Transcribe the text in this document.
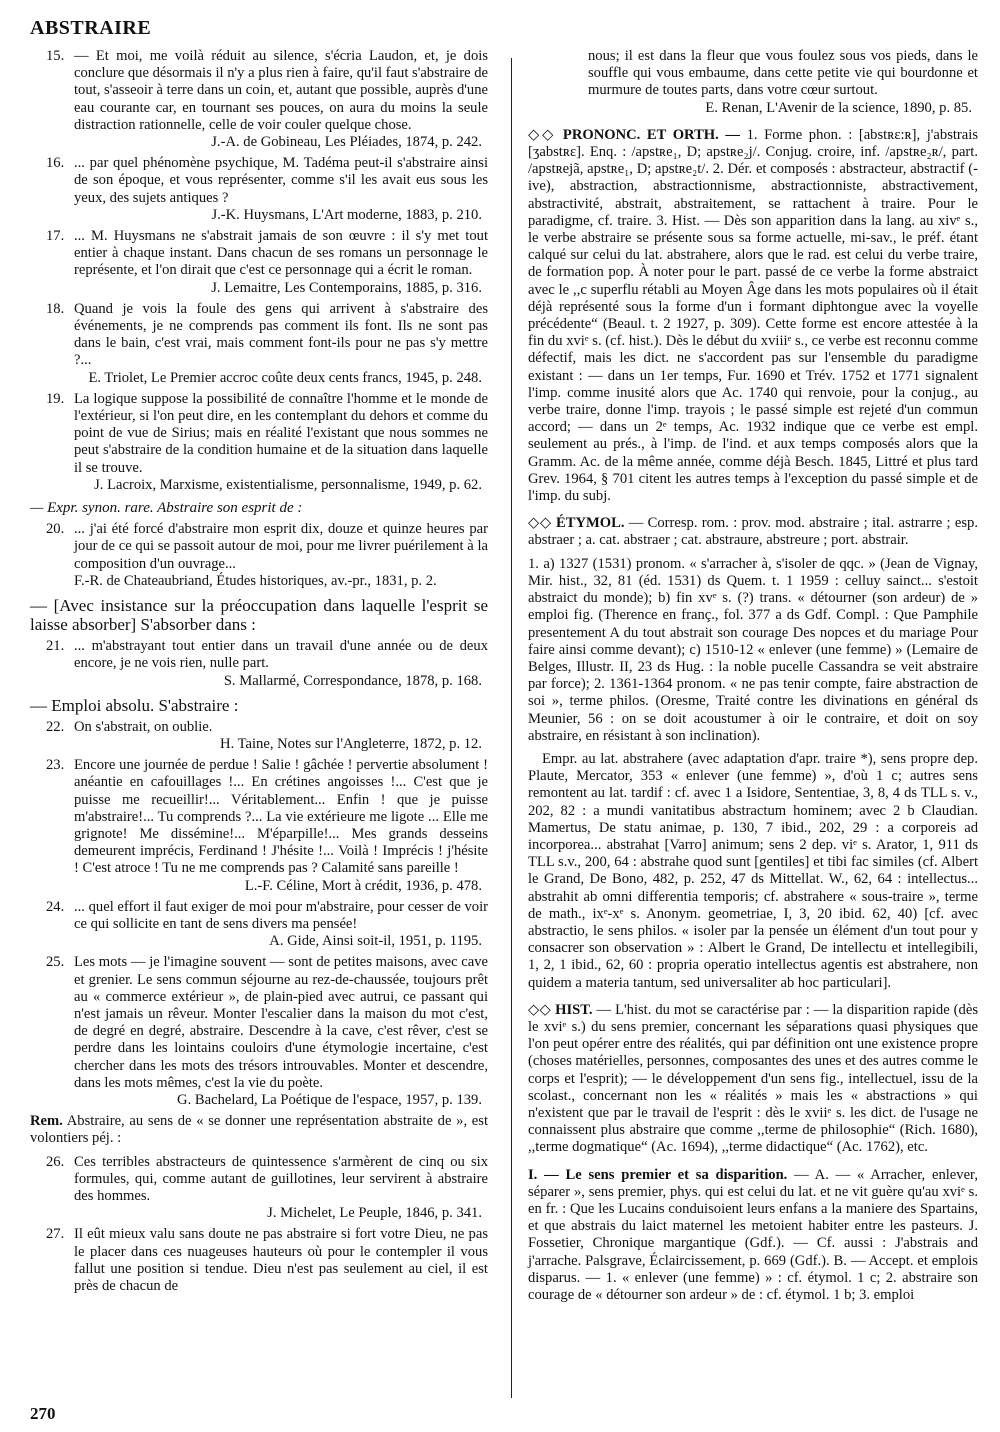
ABSTRAIRE
15. — Et moi, me voilà réduit au silence, s'écria Laudon, et, je dois conclure que désormais il n'y a plus rien à faire, qu'il faut s'abstraire de tout, s'asseoir à terre dans un coin, et, autant que possible, auprès d'une eau courante car, en tournant ses pouces, on aura du moins la seule distraction rationnelle, celle de voir couler quelque chose.
J.-A. de Gobineau, Les Pléiades, 1874, p. 242.
16. ... par quel phénomène psychique, M. Tadéma peut-il s'abstraire ainsi de son époque, et vous représenter, comme s'il les avait eus sous les yeux, des sujets antiques ?
J.-K. Huysmans, L'Art moderne, 1883, p. 210.
17. ... M. Huysmans ne s'abstrait jamais de son œuvre : il s'y met tout entier à chaque instant. Dans chacun de ses romans un personnage le représente, et l'on dirait que c'est ce personnage qui a écrit le roman.
J. Lemaitre, Les Contemporains, 1885, p. 316.
18. Quand je vois la foule des gens qui arrivent à s'abstraire des événements, je ne comprends pas comment ils font. Ils ne sont pas dans le bain, c'est vrai, mais comment font-ils pour ne pas s'y mettre ?...
E. Triolet, Le Premier accroc coûte deux cents francs, 1945, p. 248.
19. La logique suppose la possibilité de connaître l'homme et le monde de l'extérieur, si l'on peut dire, en les contemplant du dehors et comme du point de vue de Sirius; mais en réalité l'existant que nous sommes ne peut s'abstraire de la condition humaine et de la situation dans laquelle il se trouve.
J. Lacroix, Marxisme, existentialisme, personnalisme, 1949, p. 62.
— Expr. synon. rare. Abstraire son esprit de :
20. ... j'ai été forcé d'abstraire mon esprit dix, douze et quinze heures par jour de ce qui se passoit autour de moi, pour me livrer puérilement à la composition d'un ouvrage...
F.-R. de Chateaubriand, Études historiques, av.-pr., 1831, p. 2.
— [Avec insistance sur la préoccupation dans laquelle l'esprit se laisse absorber] S'absorber dans :
21. ... m'abstrayant tout entier dans un travail d'une année ou de deux encore, je ne vois rien, nulle part.
S. Mallarmé, Correspondance, 1878, p. 168.
— Emploi absolu. S'abstraire :
22. On s'abstrait, on oublie.
H. Taine, Notes sur l'Angleterre, 1872, p. 12.
23. Encore une journée de perdue ! Salie ! gâchée ! pervertie absolument ! anéantie en cafouillages !... En crétines angoisses !... C'est que je puisse me recueillir!... Véritablement... Enfin ! que je puisse m'abstraire!... Tu comprends ?... La vie extérieure me ligote ... Elle me grignote! Me dissémine!... M'éparpille!... Mes grands desseins demeurent imprécis, Ferdinand ! J'hésite !... Voilà ! Imprécis ! j'hésite ! C'est atroce ! Tu ne me comprends pas ? Calamité sans pareille !
L.-F. Céline, Mort à crédit, 1936, p. 478.
24. ... quel effort il faut exiger de moi pour m'abstraire, pour cesser de voir ce qui sollicite en tant de sens divers ma pensée!
A. Gide, Ainsi soit-il, 1951, p. 1195.
25. Les mots — je l'imagine souvent — sont de petites maisons, avec cave et grenier. Le sens commun séjourne au rez-de-chaussée, toujours prêt au « commerce extérieur », de plain-pied avec autrui, ce passant qui n'est jamais un rêveur. Monter l'escalier dans la maison du mot c'est, de degré en degré, abstraire. Descendre à la cave, c'est rêver, c'est se perdre dans les lointains couloirs d'une étymologie incertaine, c'est chercher dans les mots des trésors introuvables. Monter et descendre, dans les mots mêmes, c'est la vie du poète.
G. Bachelard, La Poétique de l'espace, 1957, p. 139.
Rem. Abstraire, au sens de « se donner une représentation abstraite de », est volontiers péj. :
26. Ces terribles abstracteurs de quintessence s'armèrent de cinq ou six formules, qui, comme autant de guillotines, leur servirent à abstraire des hommes.
J. Michelet, Le Peuple, 1846, p. 341.
27. Il eût mieux valu sans doute ne pas abstraire si fort votre Dieu, ne pas le placer dans ces nuageuses hauteurs où pour le contempler il vous fallut une position si tendue. Dieu n'est pas seulement au ciel, il est près de chacun de
nous; il est dans la fleur que vous foulez sous vos pieds, dans le souffle qui vous embaume, dans cette petite vie qui bourdonne et murmure de toutes parts, dans votre cœur surtout.
E. Renan, L'Avenir de la science, 1890, p. 85.
◇◇ PRONONC. ET ORTH. — 1. Forme phon. : [abstʀɛ:ʀ], j'abstrais [ʒabstʀɛ]. Enq. : /apstʀe₁, D; apstʀe₂j/. Conjug. croire, inf. /apstʀe₂ʀ/, part. /apstʀejã, apstʀe₁, D; apstʀe₂t/. 2. Dér. et composés : abstracteur, abstractif (-ive), abstraction, abstractionnisme, abstractionniste, abstractivement, abstractivité, abstrait, abstraitement, se rattachent à traire. Pour le paradigme, cf. traire. 3. Hist. — Dès son apparition dans la lang. au xivᵉ s., le verbe abstraire se présente sous sa forme actuelle, mi-sav., le préf. étant calqué sur celui du lat. abstrahere, alors que le rad. est celui du verbe traire, de formation pop. À noter pour le part. passé de ce verbe la forme abstraict avec le ,,c superflu rétabli au Moyen Âge dans les mots populaires où il était déjà représenté sous la forme d'un i formant diphtongue avec la voyelle précédente“ (Beaul. t. 2 1927, p. 309). Cette forme est encore attestée à la fin du xviᵉ s. (cf. hist.). Dès le début du xviiiᵉ s., ce verbe est reconnu comme défectif, mais les dict. ne s'accordent pas sur l'ensemble du paradigme existant : — dans un 1er temps, Fur. 1690 et Trév. 1752 et 1771 signalent l'imp. comme inusité alors que Ac. 1740 qui renvoie, pour la conjug., au verbe traire, donne l'imp. trayois ; le passé simple est rejeté d'un commun accord; — dans un 2ᵉ temps, Ac. 1932 indique que ce verbe est empl. seulement au prés., à l'imp. de l'ind. et aux temps composés alors que la Gramm. Ac. de la même année, comme déjà Besch. 1845, Littré et plus tard Grev. 1964, § 701 citent les autres temps à l'exception du passé simple et de l'imp. du subj.
◇◇ ÉTYMOL. — Corresp. rom. : prov. mod. abstraire ; ital. astrarre ; esp. abstraer ; a. cat. abstraer ; cat. abstraure, abstreure ; port. abstrair.
1. a) 1327 (1531) pronom. « s'arracher à, s'isoler de qqc. » (Jean de Vignay, Mir. hist., 32, 81 (éd. 1531) ds Quem. t. 1 1959 : celluy sainct... s'estoit abstraict du monde); b) fin xvᵉ s. (?) trans. « détourner (son ardeur) de » emploi fig. (Therence en franç., fol. 377 a ds Gdf. Compl. : Que Pamphile presentement A du tout abstrait son courage Des nopces et du mariage Pour faire ainsi comme devant); c) 1510-12 « enlever (une femme) » (Lemaire de Belges, Illustr. II, 23 ds Hug. : la noble pucelle Cassandra se veit abstraire par force); 2. 1361-1364 pronom. « ne pas tenir compte, faire abstraction de soi », terme philos. (Oresme, Traité contre les divinations en général ds Meunier, 56 : on se doit acoustumer à oir le contraire, et doit on soy abstraire, en résistant à son inclination).
Empr. au lat. abstrahere (avec adaptation d'apr. traire *), sens propre dep. Plaute, Mercator, 353 « enlever (une femme) », d'où 1 c; autres sens remontent au lat. tardif : cf. avec 1 a Isidore, Sententiae, 3, 8, 4 ds TLL s. v., 202, 82 : a mundi vanitatibus abstractum hominem; avec 2 b Claudian. Mamertus, De statu animae, p. 130, 7 ibid., 202, 29 : a corporeis ad incorporea... abstrahat [Varro] animum; sens 2 dep. viᵉ s. Arator, 1, 911 ds TLL s.v., 200, 64 : abstrahe quod sunt [gentiles] et tibi fac similes (cf. Albert le Grand, De Bono, 482, p. 252, 47 ds Mittellat. W., 62, 64 : intellectus... abstrahit ab omni differentia temporis; cf. abstrahere « sous-traire », terme de math., ixᵉ-xᵉ s. Anonym. geometriae, I, 3, 20 ibid. 62, 40) [cf. avec abstractio, le sens philos. « isoler par la pensée un élément d'un tout pour y consacrer son observation » : Albert le Grand, De intellectu et intellegibili, 1, 2, 1 ibid., 62, 60 : propria operatio intellectus agentis est abstrahere, non quidem a materia tantum, sed universaliter ab hoc particulari].
◇◇ HIST. — L'hist. du mot se caractérise par : — la disparition rapide (dès le xviᵉ s.) du sens premier, concernant les séparations quasi physiques que l'on peut opérer entre des réalités, qui par définition ont une existence propre (choses matérielles, personnes, composantes des unes et des autres comme le corps et l'esprit); — le développement d'un sens fig., intellectuel, issu de la scolast., concernant non les « réalités » mais les « abstractions » qui n'existent que par le travail de l'esprit : dès le xviiᵉ s. les dict. de l'usage ne connaissent plus abstraire que comme ,,terme de philosophie“ (Rich. 1680), ,,terme dogmatique“ (Ac. 1694), ,,terme didactique“ (Ac. 1762), etc.
I. — Le sens premier et sa disparition. — A. — « Arracher, enlever, séparer », sens premier, phys. qui est celui du lat. et ne vit guère qu'au xviᵉ s. en fr. : Que les Lucains conduisoient leurs enfans a la maniere des Spartains, et que abstrais du laict maternel les metoient habiter entre les pasteurs. J. Fossetier, Chronique margantique (Gdf.). — Cf. aussi : J'abstrais and j'arrache. Palsgrave, Éclaircissement, p. 669 (Gdf.). B. — Accept. et emplois disparus. — 1. « enlever (une femme) » : cf. étymol. 1 c; 2. abstraire son courage de « détourner son ardeur » de : cf. étymol. 1 b; 3. emploi
270
